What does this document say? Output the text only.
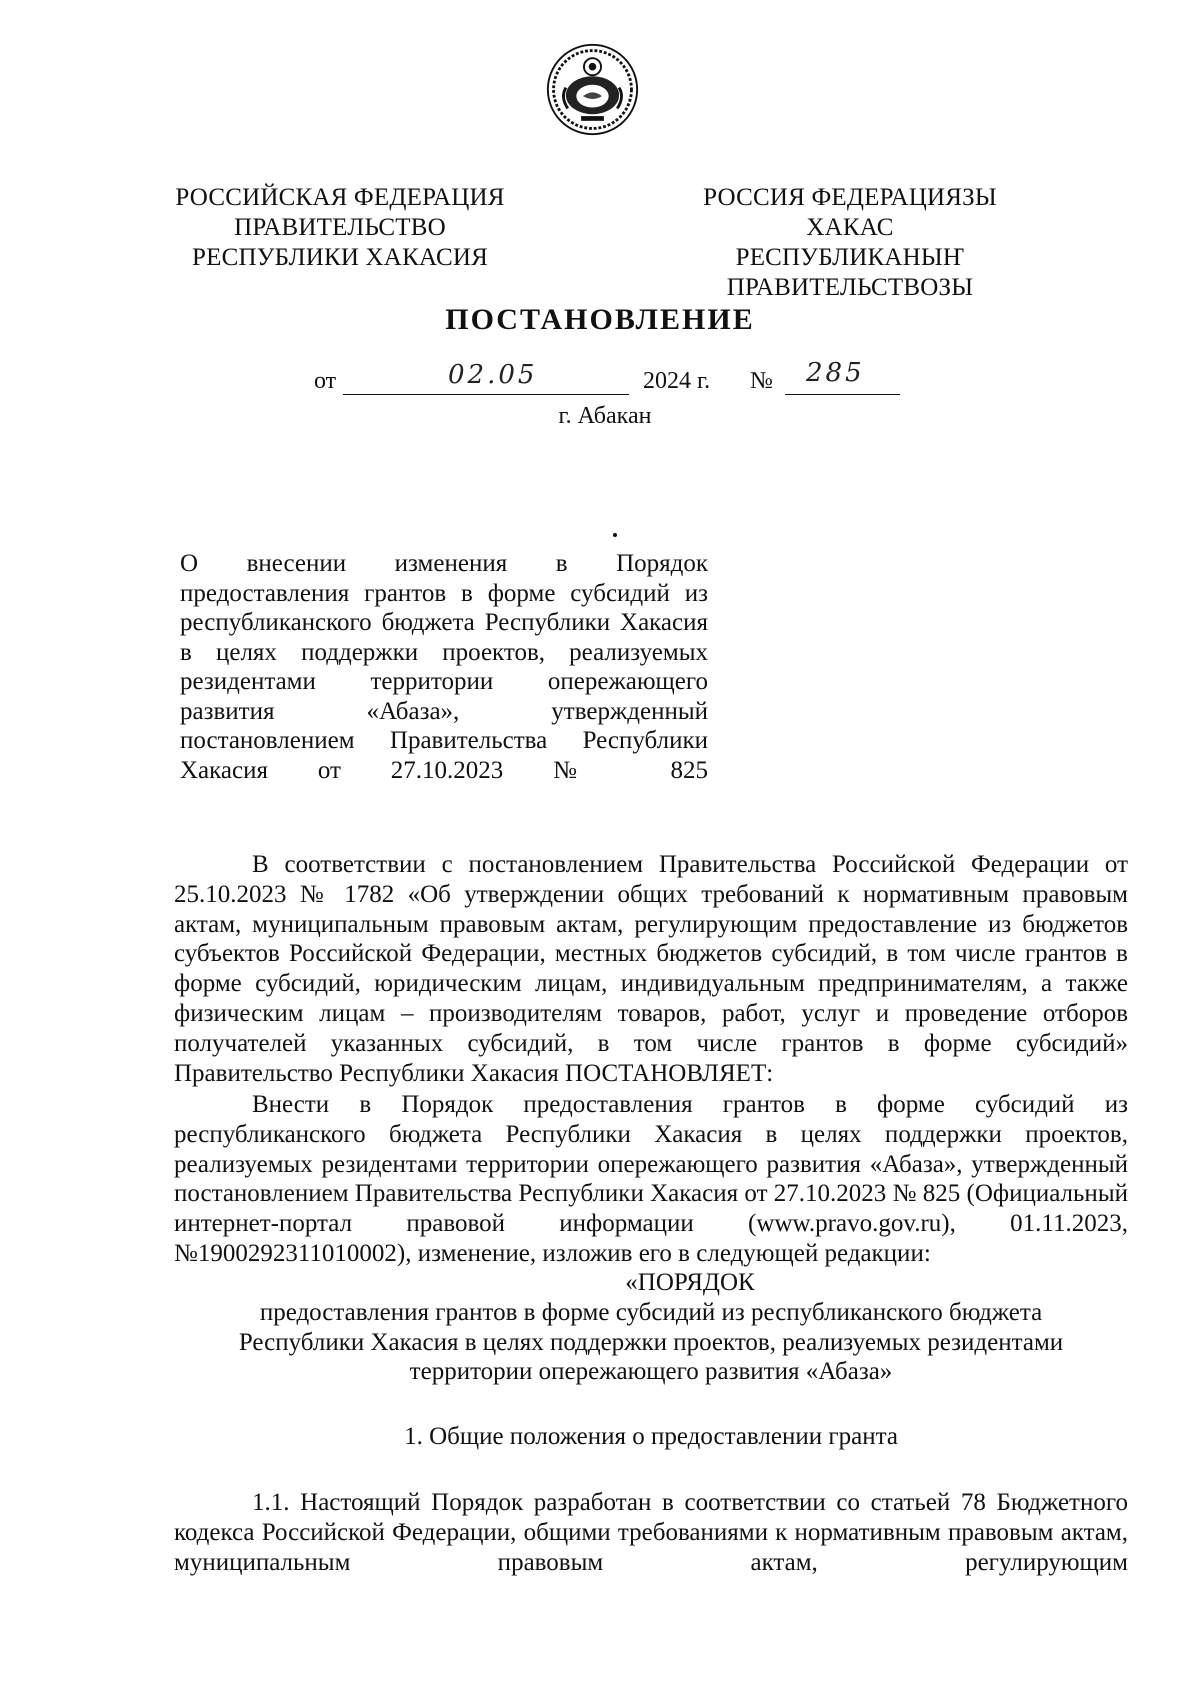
РОССИЙСКАЯ ФЕДЕРАЦИЯ
ПРАВИТЕЛЬСТВО
РЕСПУБЛИКИ ХАКАСИЯ
РОССИЯ ФЕДЕРАЦИЯЗЫ
ХАКАС РЕСПУБЛИКАНЫҤ
ПРАВИТЕЛЬСТВОЗЫ
ПОСТАНОВЛЕНИЕ
от	02.05	2024 г. № 285
г. Абакан
О внесении изменения в Порядок предоставления грантов в форме субсидий из республиканского бюджета Республики Хакасия в целях поддержки проектов, реализуемых резидентами территории опережающего развития «Абаза», утвержденный постановлением Правительства Республики Хакасия от 27.10.2023 № 825

В соответствии с постановлением Правительства Российской Федерации от 25.10.2023 № 1782 «Об утверждении общих требований к нормативным правовым актам, муниципальным правовым актам, регулирующим предоставление из бюджетов субъектов Российской Федерации, местных бюджетов субсидий, в том числе грантов в форме субсидий, юридическим лицам, индивидуальным предпринимателям, а также физическим лицам – производителям товаров, работ, услуг и проведение отборов получателей указанных субсидий, в том числе грантов в форме субсидий» Правительство Республики Хакасия ПОСТАНОВЛЯЕТ:

Внести в Порядок предоставления грантов в форме субсидий из республиканского бюджета Республики Хакасия в целях поддержки проектов, реализуемых резидентами территории опережающего развития «Абаза», утвержденный постановлением Правительства Республики Хакасия от 27.10.2023 № 825 (Официальный интернет-портал правовой информации (www.pravo.gov.ru), 01.11.2023, №1900292311010002), изменение, изложив его в следующей редакции:

«ПОРЯДОК
предоставления грантов в форме субсидий из республиканского бюджета
Республики Хакасия в целях поддержки проектов, реализуемых резидентами
территории опережающего развития «Абаза»
1. Общие положения о предоставлении гранта

1.1. Настоящий Порядок разработан в соответствии со статьей 78 Бюджетного кодекса Российской Федерации, общими требованиями к нормативным правовым актам, муниципальным правовым актам, регулирующим
